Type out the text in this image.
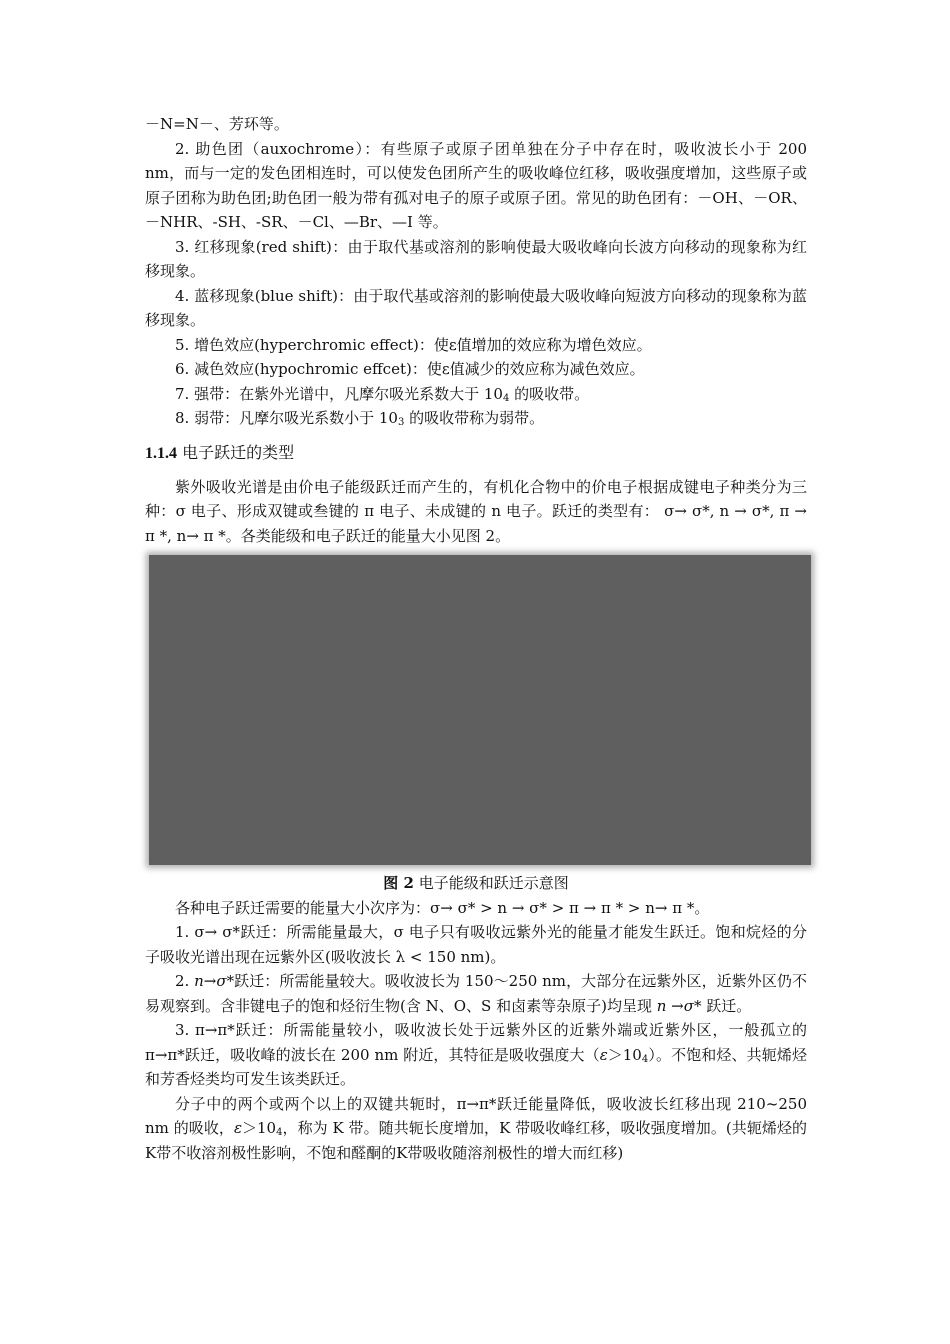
－N=N－、芳环等。

2. 助色团（auxochrome）：有些原子或原子团单独在分子中存在时，吸收波长小于 200 nm，而与一定的发色团相连时，可以使发色团所产生的吸收峰位红移，吸收强度增加，这些原子或原子团称为助色团;助色团一般为带有孤对电子的原子或原子团。常见的助色团有：－OH、－OR、－NHR、-SH、-SR、－Cl、—Br、—I 等。

3. 红移现象(red shift)：由于取代基或溶剂的影响使最大吸收峰向长波方向移动的现象称为红移现象。

4. 蓝移现象(blue shift)：由于取代基或溶剂的影响使最大吸收峰向短波方向移动的现象称为蓝移现象。

5. 增色效应(hyperchromic effect)：使ε值增加的效应称为增色效应。

6. 减色效应(hypochromic effcet)：使ε值减少的效应称为减色效应。

7. 强带：在紫外光谱中，凡摩尔吸光系数大于 $10_4$ 的吸收带。

8. 弱带：凡摩尔吸光系数小于 $10_3$ 的吸收带称为弱带。

1.1.4 电子跃迁的类型

紫外吸收光谱是由价电子能级跃迁而产生的，有机化合物中的价电子根据成键电子种类分为三种：σ 电子、形成双键或叁键的 π 电子、未成键的 n 电子。跃迁的类型有： σ→ σ*, n → σ*, π → π *, n→ π *。各类能级和电子跃迁的能量大小见图 2。

图 2 电子能级和跃迁示意图

各种电子跃迁需要的能量大小次序为：σ→ σ* > n → σ* > π → π * > n→ π *。

1. σ→ σ*跃迁：所需能量最大，σ 电子只有吸收远紫外光的能量才能发生跃迁。饱和烷烃的分子吸收光谱出现在远紫外区(吸收波长 λ < 150 nm)。

2. n→σ*跃迁：所需能量较大。吸收波长为 150～250 nm，大部分在远紫外区，近紫外区仍不易观察到。含非键电子的饱和烃衍生物(含 N、O、S 和卤素等杂原子)均呈现 n →σ* 跃迁。

3. π→π*跃迁：所需能量较小，吸收波长处于远紫外区的近紫外端或近紫外区，一般孤立的 π→π*跃迁，吸收峰的波长在 200 nm 附近，其特征是吸收强度大$(\varepsilon>10_4)$。不饱和烃、共轭烯烃和芳香烃类均可发生该类跃迁。

分子中的两个或两个以上的双键共轭时，π→π*跃迁能量降低，吸收波长红移出现 210~250 nm 的吸收，$\varepsilon>10_4$，称为 K 带。随共轭长度增加，K 带吸收峰红移，吸收强度增加。(共轭烯烃的K带不收溶剂极性影响，不饱和醛酮的K带吸收随溶剂极性的增大而红移)
